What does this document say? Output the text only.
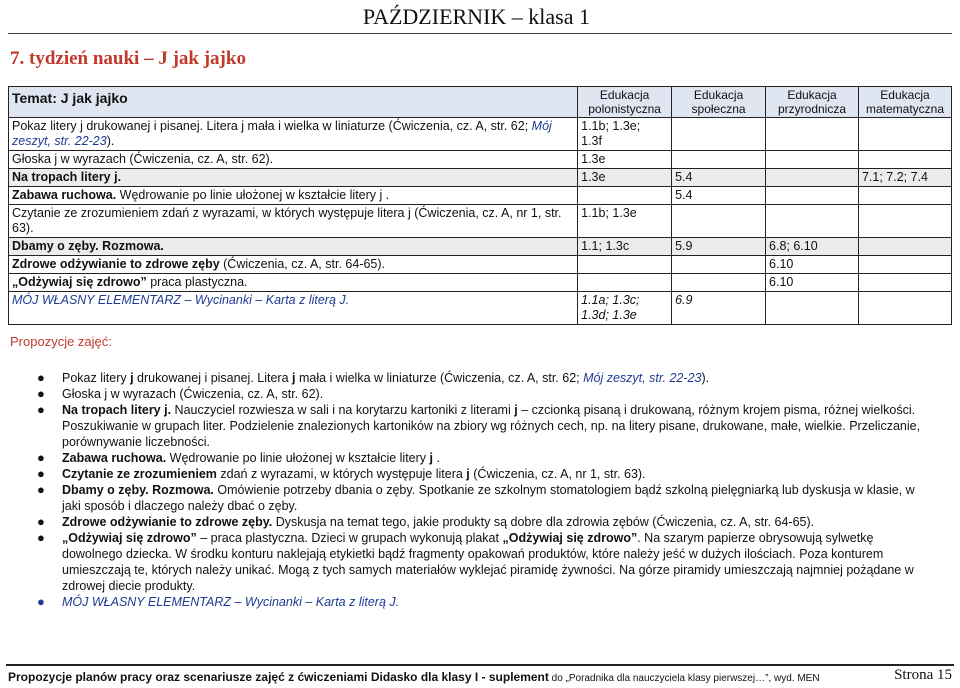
PAŹDZIERNIK – klasa 1
7. tydzień nauki – J jak jajko
Temat: J jak jajko	Edukacja polonistyczna	Edukacja społeczna	Edukacja przyrodnicza	Edukacja matematyczna
Pokaz litery j drukowanej i pisanej. Litera j mała i wielka w liniaturze (Ćwiczenia, cz. A, str. 62; Mój zeszyt, str. 22-23).	1.1b; 1.3e;
1.3f			
Głoska j w wyrazach (Ćwiczenia, cz. A, str. 62).	1.3e			
Na tropach litery j.	1.3e	5.4		7.1; 7.2; 7.4
Zabawa ruchowa. Wędrowanie po linie ułożonej w kształcie litery j .		5.4		
Czytanie ze zrozumieniem zdań z wyrazami, w których występuje litera j (Ćwiczenia, cz. A, nr 1, str. 63).	1.1b; 1.3e			
Dbamy o zęby. Rozmowa.	1.1; 1.3c	5.9	6.8; 6.10	
Zdrowe odżywianie to zdrowe zęby (Ćwiczenia, cz. A, str. 64-65).			6.10	
„Odżywiaj się zdrowo” praca plastyczna.			6.10	
MÓJ WŁASNY ELEMENTARZ – Wycinanki – Karta z literą J.	1.1a; 1.3c;
1.3d; 1.3e	6.9		
Propozycje zajęć:
● Pokaz litery j drukowanej i pisanej. Litera j mała i wielka w liniaturze (Ćwiczenia, cz. A, str. 62; Mój zeszyt, str. 22-23).
● Głoska j w wyrazach (Ćwiczenia, cz. A, str. 62).
● Na tropach litery j. Nauczyciel rozwiesza w sali i na korytarzu kartoniki z literami j – czcionką pisaną i drukowaną, różnym krojem pisma, różnej wielkości. Poszukiwanie w grupach liter. Podzielenie znalezionych kartoników na zbiory wg różnych cech, np. na litery pisane, drukowane, małe, wielkie. Przeliczanie, porównywanie liczebności.
● Zabawa ruchowa. Wędrowanie po linie ułożonej w kształcie litery j .
● Czytanie ze zrozumieniem zdań z wyrazami, w których występuje litera j (Ćwiczenia, cz. A, nr 1, str. 63).
● Dbamy o zęby. Rozmowa. Omówienie potrzeby dbania o zęby. Spotkanie ze szkolnym stomatologiem bądź szkolną pielęgniarką lub dyskusja w klasie, w jaki sposób i dlaczego należy dbać o zęby.
● Zdrowe odżywianie to zdrowe zęby. Dyskusja na temat tego, jakie produkty są dobre dla zdrowia zębów (Ćwiczenia, cz. A, str. 64-65).
● „Odżywiaj się zdrowo” – praca plastyczna. Dzieci w grupach wykonują plakat „Odżywiaj się zdrowo”. Na szarym papierze obrysowują sylwetkę dowolnego dziecka. W środku konturu naklejają etykietki bądź fragmenty opakowań produktów, które należy jeść w dużych ilościach. Poza konturem umieszczają te, których należy unikać. Mogą z tych samych materiałów wyklejać piramidę żywności. Na górze piramidy umieszczają najmniej pożądane w zdrowej diecie produkty.
● MÓJ WŁASNY ELEMENTARZ – Wycinanki – Karta z literą J.
Propozycje planów pracy oraz scenariusze zajęć z ćwiczeniami Didasko dla klasy I - suplement do „Poradnika dla nauczyciela klasy pierwszej…”, wyd. MEN	Strona 15
